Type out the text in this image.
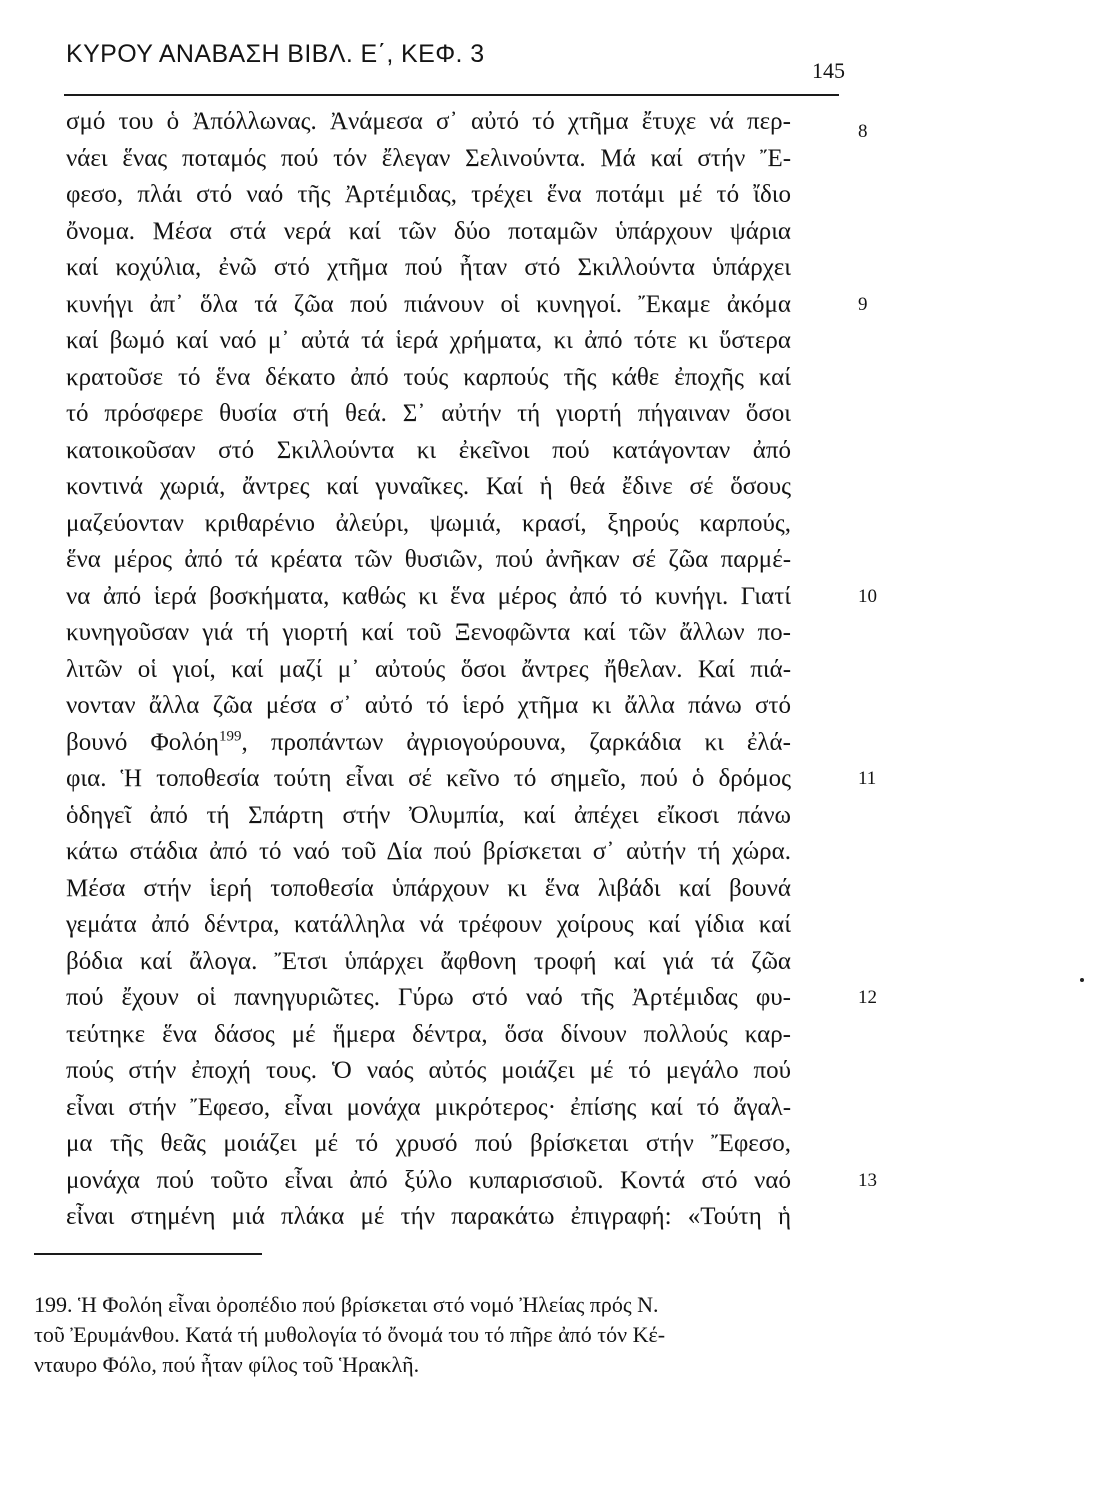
ΚΥΡΟΥ ΑΝΑΒΑΣΗ ΒΙΒΛ. Ε΄, ΚΕΦ. 3
145
σμό του ὁ Ἀπόλλωνας. Ἀνάμεσα σ᾿ αὐτό τό χτῆμα ἔτυχε νά περ-	8
νάει ἕνας ποταμός πού τόν ἔλεγαν Σελινούντα. Μά καί στήν Ἔ-
φεσο, πλάι στό ναό τῆς Ἀρτέμιδας, τρέχει ἕνα ποτάμι μέ τό ἴδιο
ὄνομα. Μέσα στά νερά καί τῶν δύο ποταμῶν ὑπάρχουν ψάρια
καί κοχύλια, ἐνῶ στό χτῆμα πού ἦταν στό Σκιλλούντα ὑπάρχει
κυνήγι ἀπ᾿ ὅλα τά ζῶα πού πιάνουν οἱ κυνηγοί. Ἔκαμε ἀκόμα	9
καί βωμό καί ναό μ᾿ αὐτά τά ἱερά χρήματα, κι ἀπό τότε κι ὕστερα
κρατοῦσε τό ἕνα δέκατο ἀπό τούς καρπούς τῆς κάθε ἐποχῆς καί
τό πρόσφερε θυσία στή θεά. Σ᾿ αὐτήν τή γιορτή πήγαιναν ὅσοι
κατοικοῦσαν στό Σκιλλούντα κι ἐκεῖνοι πού κατάγονταν ἀπό
κοντινά χωριά, ἄντρες καί γυναῖκες. Καί ἡ θεά ἔδινε σέ ὅσους
μαζεύονταν κριθαρένιο ἀλεύρι, ψωμιά, κρασί, ξηρούς καρπούς,
ἕνα μέρος ἀπό τά κρέατα τῶν θυσιῶν, πού ἀνῆκαν σέ ζῶα παρμέ-
να ἀπό ἱερά βοσκήματα, καθώς κι ἕνα μέρος ἀπό τό κυνήγι. Γιατί	10
κυνηγοῦσαν γιά τή γιορτή καί τοῦ Ξενοφῶντα καί τῶν ἄλλων πο-
λιτῶν οἱ γιοί, καί μαζί μ᾿ αὐτούς ὅσοι ἄντρες ἤθελαν. Καί πιά-
νονταν ἄλλα ζῶα μέσα σ᾿ αὐτό τό ἱερό χτῆμα κι ἄλλα πάνω στό
βουνό Φολόη$^{199}$, προπάντων ἀγριογούρουνα, ζαρκάδια κι ἐλά-
φια. Ἡ τοποθεσία τούτη εἶναι σέ κεῖνο τό σημεῖο, πού ὁ δρόμος	11
ὁδηγεῖ ἀπό τή Σπάρτη στήν Ὀλυμπία, καί ἀπέχει εἴκοσι πάνω
κάτω στάδια ἀπό τό ναό τοῦ Δία πού βρίσκεται σ᾿ αὐτήν τή χώρα.
Μέσα στήν ἱερή τοποθεσία ὑπάρχουν κι ἕνα λιβάδι καί βουνά
γεμάτα ἀπό δέντρα, κατάλληλα νά τρέφουν χοίρους καί γίδια καί
βόδια καί ἄλογα. Ἔτσι ὑπάρχει ἄφθονη τροφή καί γιά τά ζῶα
πού ἔχουν οἱ πανηγυριῶτες. Γύρω στό ναό τῆς Ἀρτέμιδας φυ-	12
τεύτηκε ἕνα δάσος μέ ἥμερα δέντρα, ὅσα δίνουν πολλούς καρ-
πούς στήν ἐποχή τους. Ὁ ναός αὐτός μοιάζει μέ τό μεγάλο πού
εἶναι στήν Ἔφεσο, εἶναι μονάχα μικρότερος· ἐπίσης καί τό ἄγαλ-
μα τῆς θεᾶς μοιάζει μέ τό χρυσό πού βρίσκεται στήν Ἔφεσο,
μονάχα πού τοῦτο εἶναι ἀπό ξύλο κυπαρισσιοῦ. Κοντά στό ναό	13
εἶναι στημένη μιά πλάκα μέ τήν παρακάτω ἐπιγραφή: «Τούτη ἡ
199. Ἡ Φολόη εἶναι ὀροπέδιο πού βρίσκεται στό νομό Ἠλείας πρός Ν.
τοῦ Ἐρυμάνθου. Κατά τή μυθολογία τό ὄνομά του τό πῆρε ἀπό τόν Κέ-
νταυρο Φόλο, πού ἦταν φίλος τοῦ Ἡρακλῆ.
